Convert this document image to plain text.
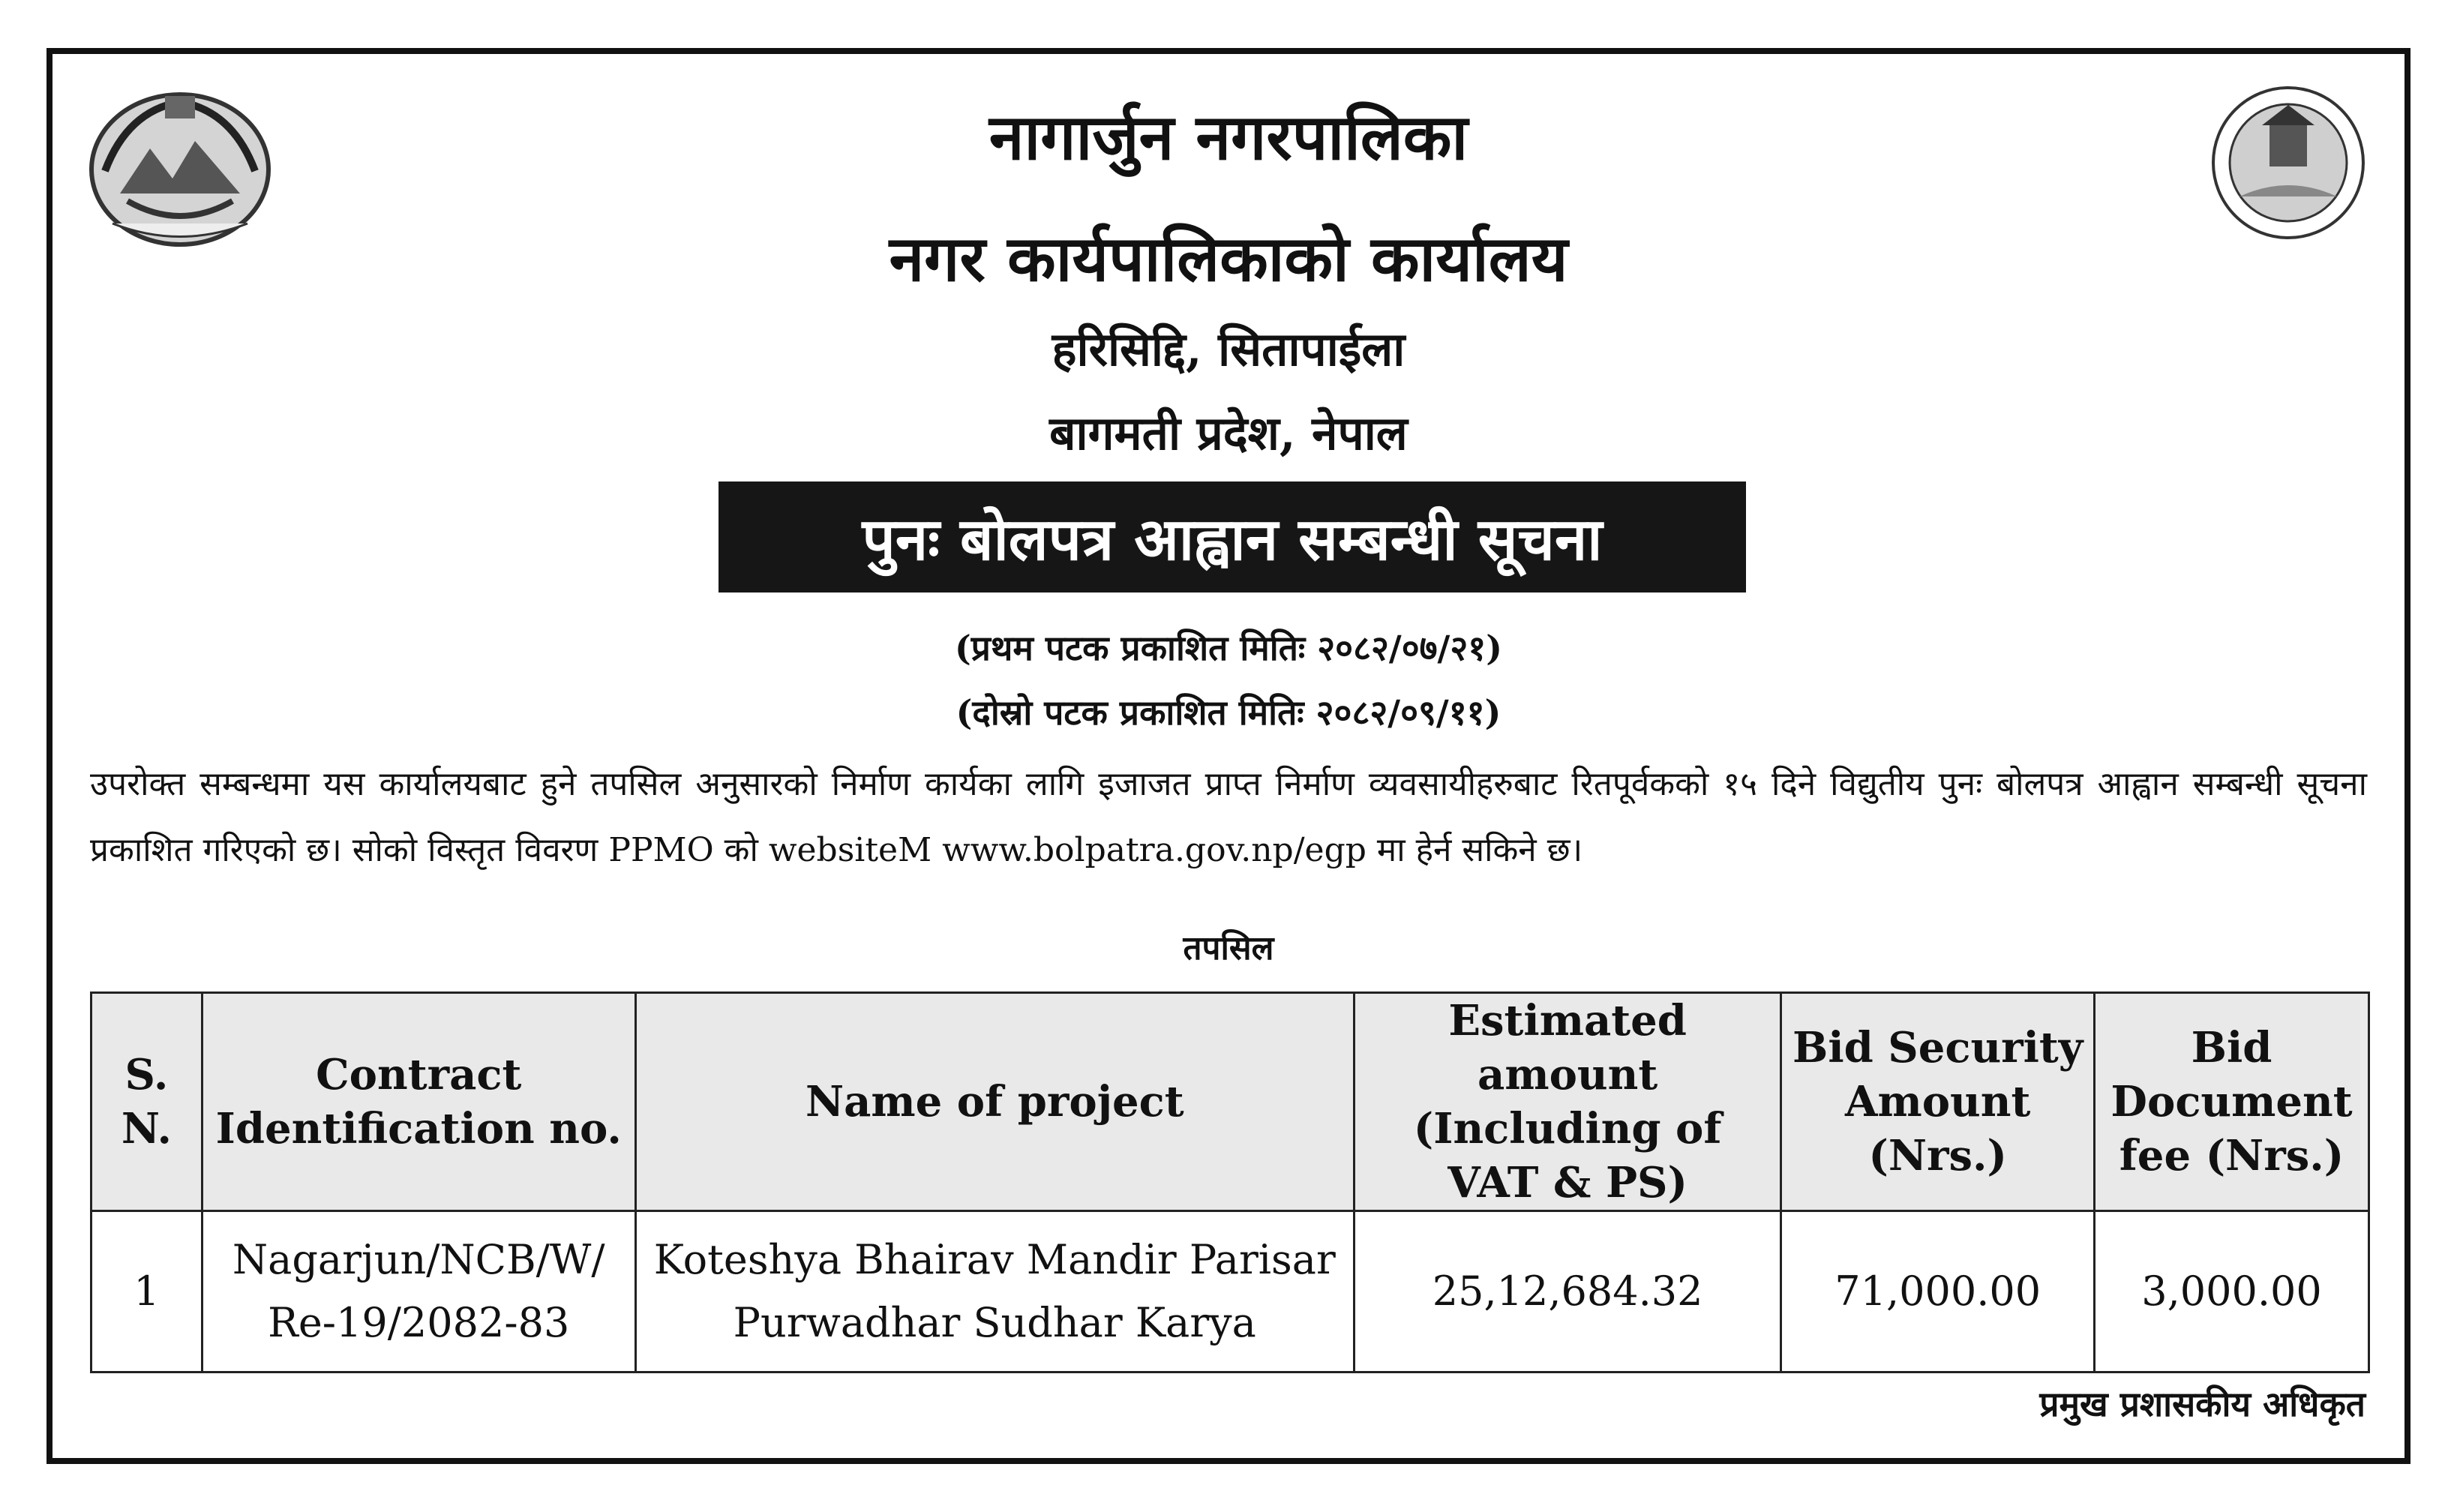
नागार्जुन नगरपालिका
नगर कार्यपालिकाको कार्यालय
हरिसिद्दि, सितापाईला
बागमती प्रदेश, नेपाल
पुनः बोलपत्र आह्वान सम्बन्धी सूचना
(प्रथम पटक प्रकाशित मितिः २०८२/०७/२१)
(दोस्रो पटक प्रकाशित मितिः २०८२/०९/११)
उपरोक्त सम्बन्धमा यस कार्यालयबाट हुने तपसिल अनुसारको निर्माण कार्यका लागि इजाजत प्राप्त निर्माण व्यवसायीहरुबाट रितपूर्वकको १५ दिने विद्युतीय पुनः बोलपत्र आह्वान सम्बन्धी सूचना प्रकाशित गरिएको छ। सोको विस्तृत विवरण PPMO को websiteM www.bolpatra.gov.np/egp मा हेर्न सकिने छ।
तपसिल
S. N.	Contract Identification no.	Name of project	Estimated amount (Including of VAT & PS)	Bid Security Amount (Nrs.)	Bid Document fee (Nrs.)
1	Nagarjun/NCB/W/ Re-19/2082-83	Koteshya Bhairav Mandir Parisar Purwadhar Sudhar Karya	25,12,684.32	71,000.00	3,000.00
प्रमुख प्रशासकीय अधिकृत
